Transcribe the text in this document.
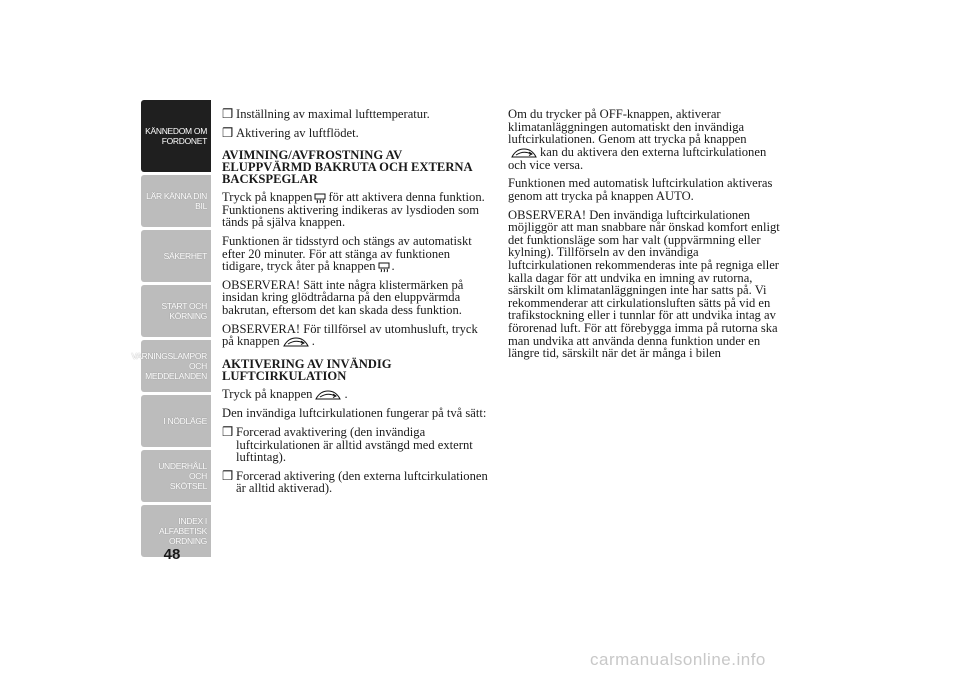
KÄNNEDOM OM
FORDONET
LÄR KÄNNA DIN
BIL
SÄKERHET
START OCH
KÖRNING
VARNINGSLAMPOR
OCH
MEDDELANDEN
I NÖDLÄGE
UNDERHÅLL OCH
SKÖTSEL
INDEX I
ALFABETISK
ORDNING
48

❒ Inställning av maximal lufttemperatur.

❒ Aktivering av luftflödet.

AVIMNING/AVFROSTNING AV ELUPPVÄRMD BAKRUTA OCH EXTERNA BACKSPEGLAR

Tryck på knappen för att aktivera denna funktion. Funktionens aktivering indikeras av lysdioden som tänds på själva knappen.

Funktionen är tidsstyrd och stängs av automatiskt efter 20 minuter. För att stänga av funktionen tidigare, tryck åter på knappen .

OBSERVERA! Sätt inte några klistermärken på insidan kring glödtrådarna på den eluppvärmda bakrutan, eftersom det kan skada dess funktion.

OBSERVERA! För tillförsel av utomhusluft, tryck på knappen	.

AKTIVERING AV INVÄNDIG LUFTCIRKULATION

Tryck på knappen	.

Den invändiga luftcirkulationen fungerar på två sätt:

❒ Forcerad avaktivering (den invändiga luftcirkulationen är alltid avstängd med externt luftintag).

❒ Forcerad aktivering (den externa luftcirkulationen är alltid aktiverad).

Om du trycker på OFF-knappen, aktiverar klimatanläggningen automatiskt den invändiga luftcirkulationen. Genom att trycka på knappen
kan du aktivera den externa luftcirkulationen och vice versa.

Funktionen med automatisk luftcirkulation aktiveras genom att trycka på knappen AUTO.

OBSERVERA! Den invändiga luftcirkulationen möjliggör att man snabbare når önskad komfort enligt det funktionsläge som har valt (uppvärmning eller kylning). Tillförseln av den invändiga luftcirkulationen rekommenderas inte på regniga eller kalla dagar för att undvika en imning av rutorna, särskilt om klimatanläggningen inte har satts på. Vi rekommenderar att cirkulationsluften sätts på vid en trafikstockning eller i tunnlar för att undvika intag av förorenad luft. För att förebygga imma på rutorna ska man undvika att använda denna funktion under en längre tid, särskilt när det är många i bilen

carmanualsonline.info
